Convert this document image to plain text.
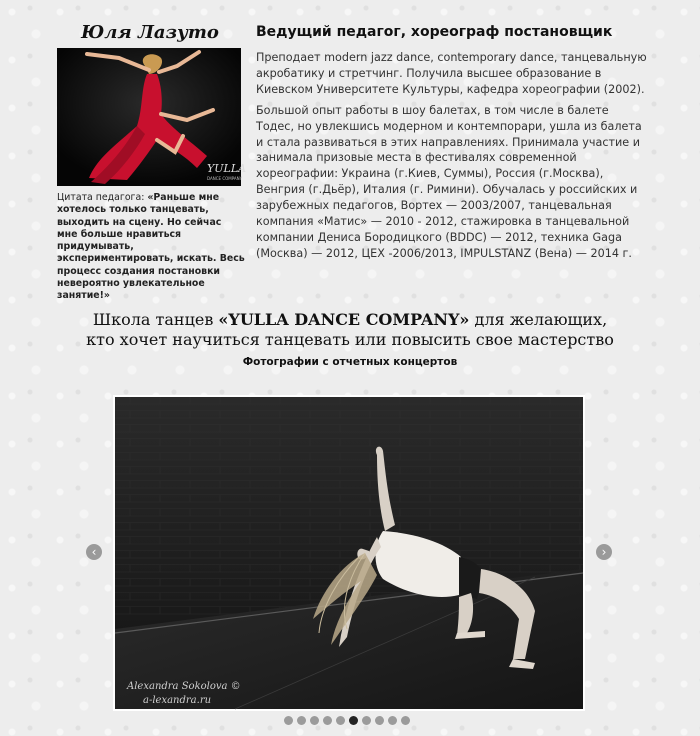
Юля Лазуто
YULLA
DANCE COMPANY
Цитата педагога: «Раньше мне хотелось только танцевать, выходить на сцену. Но сейчас мне больше нравиться придумывать, экспериментировать, искать. Весь процесс создания постановки невероятно увлекательное занятие!»
Ведущий педагог, хореограф постановщик

Преподает modern jazz dance, contemporary dance, танцевальную акробатику и стретчинг. Получила высшее образование в Киевском Университете Культуры, кафедра хореографии (2002).

Большой опыт работы в шоу балетах, в том числе в балете Тодес, но увлекшись модерном и контемпорари, ушла из балета и стала развиваться в этих направлениях. Принимала участие и занимала призовые места в фестивалях современной хореографии: Украина (г.Киев, Суммы), Россия (г.Москва), Венгрия (г.Дьёр), Италия (г. Римини). Обучалась у российских и зарубежных педагогов, Вортех — 2003/2007, танцевальная компания «Матис» — 2010 - 2012, стажировка в танцевальной компании Дениса Бородицкого (BDDC) — 2012, техника Gaga (Москва) — 2012, ЦЕХ -2006/2013, IMPULSTANZ (Вена) — 2014 г.

Школа танцев «YULLA DANCE COMPANY» для желающих,
кто хочет научиться танцевать или повысить свое мастерство
Фотографии с отчетных концертов
Alexandra Sokolova ©
a-lexandra.ru
‹	›
